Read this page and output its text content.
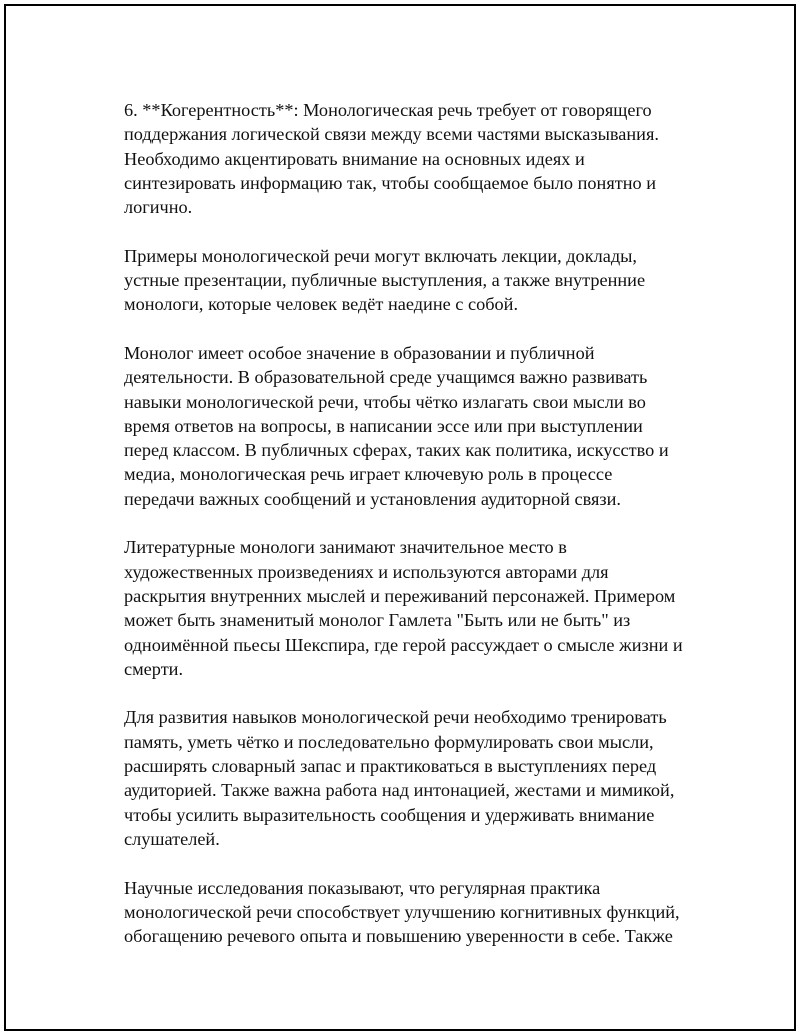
6. **Когерентность**: Монологическая речь требует от говорящего
поддержания логической связи между всеми частями высказывания.
Необходимо акцентировать внимание на основных идеях и
синтезировать информацию так, чтобы сообщаемое было понятно и
логично.

Примеры монологической речи могут включать лекции, доклады,
устные презентации, публичные выступления, а также внутренние
монологи, которые человек ведёт наедине с собой.

Монолог имеет особое значение в образовании и публичной
деятельности. В образовательной среде учащимся важно развивать
навыки монологической речи, чтобы чётко излагать свои мысли во
время ответов на вопросы, в написании эссе или при выступлении
перед классом. В публичных сферах, таких как политика, искусство и
медиа, монологическая речь играет ключевую роль в процессе
передачи важных сообщений и установления аудиторной связи.

Литературные монологи занимают значительное место в
художественных произведениях и используются авторами для
раскрытия внутренних мыслей и переживаний персонажей. Примером
может быть знаменитый монолог Гамлета "Быть или не быть" из
одноимённой пьесы Шекспира, где герой рассуждает о смысле жизни и
смерти.

Для развития навыков монологической речи необходимо тренировать
память, уметь чётко и последовательно формулировать свои мысли,
расширять словарный запас и практиковаться в выступлениях перед
аудиторией. Также важна работа над интонацией, жестами и мимикой,
чтобы усилить выразительность сообщения и удерживать внимание
слушателей.

Научные исследования показывают, что регулярная практика
монологической речи способствует улучшению когнитивных функций,
обогащению речевого опыта и повышению уверенности в себе. Также
